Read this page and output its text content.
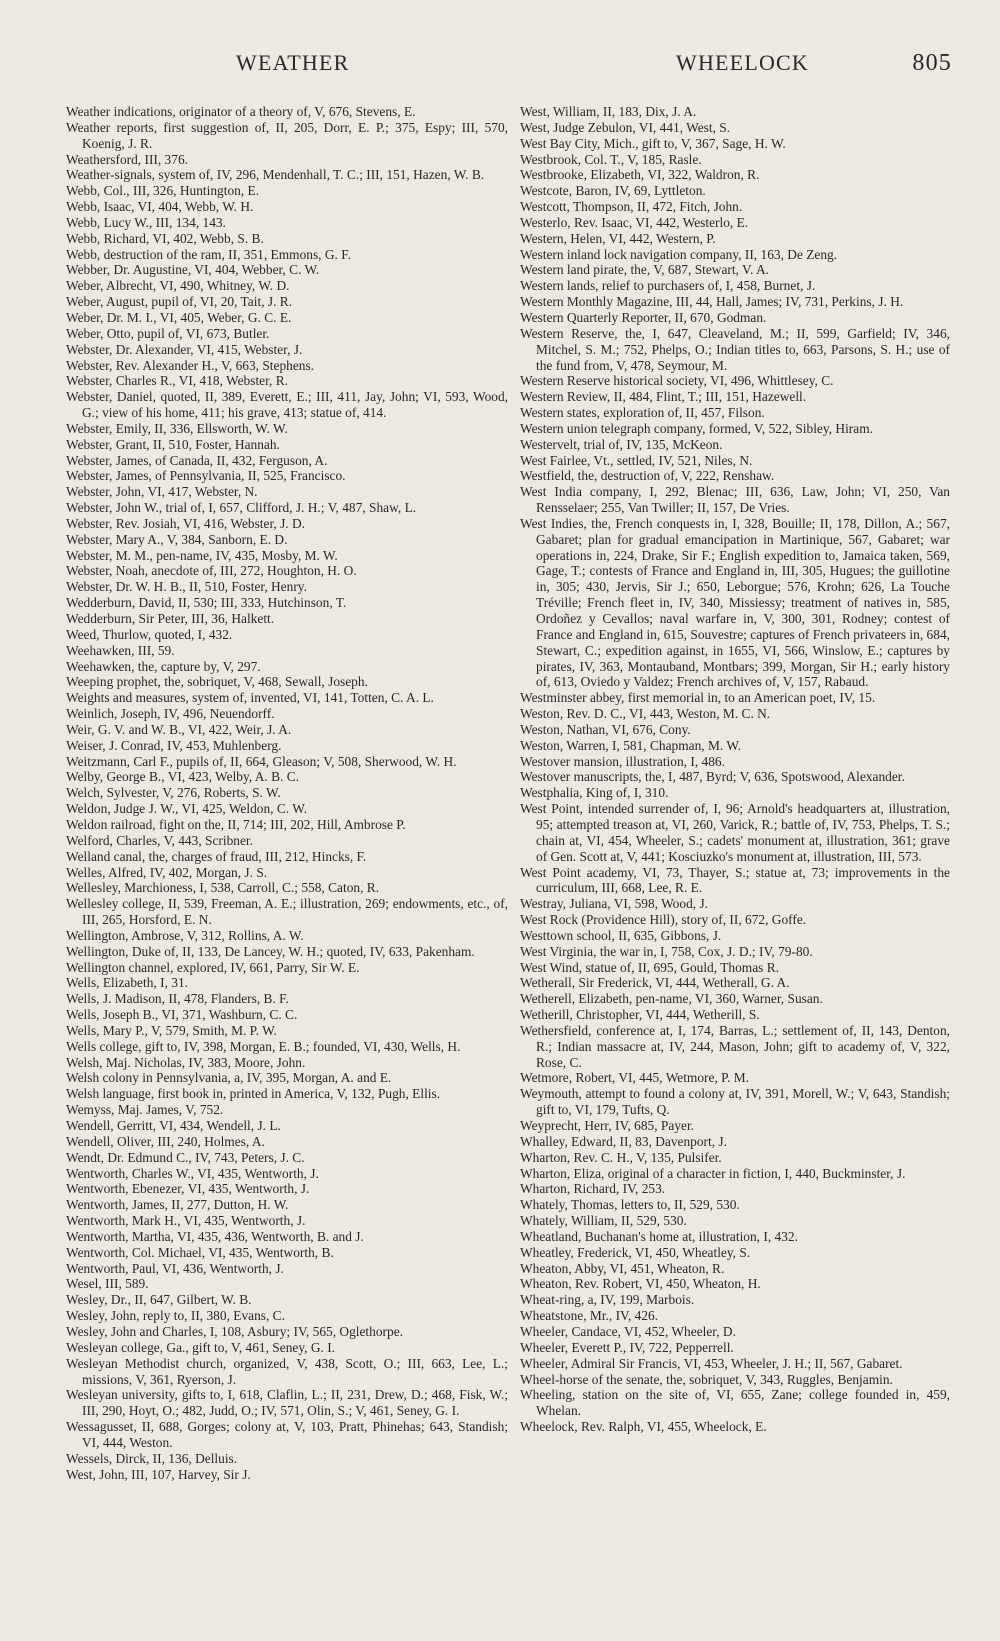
WEATHER	WHEELOCK	805

Weather indications, originator of a theory of, V, 676, Stevens, E.

Weather reports, first suggestion of, II, 205, Dorr, E. P.; 375, Espy; III, 570, Koenig, J. R.

Weathersford, III, 376.

Weather-signals, system of, IV, 296, Mendenhall, T. C.; III, 151, Hazen, W. B.

Webb, Col., III, 326, Huntington, E.

Webb, Isaac, VI, 404, Webb, W. H.

Webb, Lucy W., III, 134, 143.

Webb, Richard, VI, 402, Webb, S. B.

Webb, destruction of the ram, II, 351, Emmons, G. F.

Webber, Dr. Augustine, VI, 404, Webber, C. W.

Weber, Albrecht, VI, 490, Whitney, W. D.

Weber, August, pupil of, VI, 20, Tait, J. R.

Weber, Dr. M. I., VI, 405, Weber, G. C. E.

Weber, Otto, pupil of, VI, 673, Butler.

Webster, Dr. Alexander, VI, 415, Webster, J.

Webster, Rev. Alexander H., V, 663, Stephens.

Webster, Charles R., VI, 418, Webster, R.

Webster, Daniel, quoted, II, 389, Everett, E.; III, 411, Jay, John; VI, 593, Wood, G.; view of his home, 411; his grave, 413; statue of, 414.

Webster, Emily, II, 336, Ellsworth, W. W.

Webster, Grant, II, 510, Foster, Hannah.

Webster, James, of Canada, II, 432, Ferguson, A.

Webster, James, of Pennsylvania, II, 525, Francisco.

Webster, John, VI, 417, Webster, N.

Webster, John W., trial of, I, 657, Clifford, J. H.; V, 487, Shaw, L.

Webster, Rev. Josiah, VI, 416, Webster, J. D.

Webster, Mary A., V, 384, Sanborn, E. D.

Webster, M. M., pen-name, IV, 435, Mosby, M. W.

Webster, Noah, anecdote of, III, 272, Houghton, H. O.

Webster, Dr. W. H. B., II, 510, Foster, Henry.

Wedderburn, David, II, 530; III, 333, Hutchinson, T.

Wedderburn, Sir Peter, III, 36, Halkett.

Weed, Thurlow, quoted, I, 432.

Weehawken, III, 59.

Weehawken, the, capture by, V, 297.

Weeping prophet, the, sobriquet, V, 468, Sewall, Joseph.

Weights and measures, system of, invented, VI, 141, Totten, C. A. L.

Weinlich, Joseph, IV, 496, Neuendorff.

Weir, G. V. and W. B., VI, 422, Weir, J. A.

Weiser, J. Conrad, IV, 453, Muhlenberg.

Weitzmann, Carl F., pupils of, II, 664, Gleason; V, 508, Sherwood, W. H.

Welby, George B., VI, 423, Welby, A. B. C.

Welch, Sylvester, V, 276, Roberts, S. W.

Weldon, Judge J. W., VI, 425, Weldon, C. W.

Weldon railroad, fight on the, II, 714; III, 202, Hill, Ambrose P.

Welford, Charles, V, 443, Scribner.

Welland canal, the, charges of fraud, III, 212, Hincks, F.

Welles, Alfred, IV, 402, Morgan, J. S.

Wellesley, Marchioness, I, 538, Carroll, C.; 558, Caton, R.

Wellesley college, II, 539, Freeman, A. E.; illustration, 269; endowments, etc., of, III, 265, Horsford, E. N.

Wellington, Ambrose, V, 312, Rollins, A. W.

Wellington, Duke of, II, 133, De Lancey, W. H.; quoted, IV, 633, Pakenham.

Wellington channel, explored, IV, 661, Parry, Sir W. E.

Wells, Elizabeth, I, 31.

Wells, J. Madison, II, 478, Flanders, B. F.

Wells, Joseph B., VI, 371, Washburn, C. C.

Wells, Mary P., V, 579, Smith, M. P. W.

Wells college, gift to, IV, 398, Morgan, E. B.; founded, VI, 430, Wells, H.

Welsh, Maj. Nicholas, IV, 383, Moore, John.

Welsh colony in Pennsylvania, a, IV, 395, Morgan, A. and E.

Welsh language, first book in, printed in America, V, 132, Pugh, Ellis.

Wemyss, Maj. James, V, 752.

Wendell, Gerritt, VI, 434, Wendell, J. L.

Wendell, Oliver, III, 240, Holmes, A.

Wendt, Dr. Edmund C., IV, 743, Peters, J. C.

Wentworth, Charles W., VI, 435, Wentworth, J.

Wentworth, Ebenezer, VI, 435, Wentworth, J.

Wentworth, James, II, 277, Dutton, H. W.

Wentworth, Mark H., VI, 435, Wentworth, J.

Wentworth, Martha, VI, 435, 436, Wentworth, B. and J.

Wentworth, Col. Michael, VI, 435, Wentworth, B.

Wentworth, Paul, VI, 436, Wentworth, J.

Wesel, III, 589.

Wesley, Dr., II, 647, Gilbert, W. B.

Wesley, John, reply to, II, 380, Evans, C.

Wesley, John and Charles, I, 108, Asbury; IV, 565, Oglethorpe.

Wesleyan college, Ga., gift to, V, 461, Seney, G. I.

Wesleyan Methodist church, organized, V, 438, Scott, O.; III, 663, Lee, L.; missions, V, 361, Ryerson, J.

Wesleyan university, gifts to, I, 618, Claflin, L.; II, 231, Drew, D.; 468, Fisk, W.; III, 290, Hoyt, O.; 482, Judd, O.; IV, 571, Olin, S.; V, 461, Seney, G. I.

Wessagusset, II, 688, Gorges; colony at, V, 103, Pratt, Phinehas; 643, Standish; VI, 444, Weston.

Wessels, Dirck, II, 136, Delluis.

West, John, III, 107, Harvey, Sir J.

West, William, II, 183, Dix, J. A.

West, Judge Zebulon, VI, 441, West, S.

West Bay City, Mich., gift to, V, 367, Sage, H. W.

Westbrook, Col. T., V, 185, Rasle.

Westbrooke, Elizabeth, VI, 322, Waldron, R.

Westcote, Baron, IV, 69, Lyttleton.

Westcott, Thompson, II, 472, Fitch, John.

Westerlo, Rev. Isaac, VI, 442, Westerlo, E.

Western, Helen, VI, 442, Western, P.

Western inland lock navigation company, II, 163, De Zeng.

Western land pirate, the, V, 687, Stewart, V. A.

Western lands, relief to purchasers of, I, 458, Burnet, J.

Western Monthly Magazine, III, 44, Hall, James; IV, 731, Perkins, J. H.

Western Quarterly Reporter, II, 670, Godman.

Western Reserve, the, I, 647, Cleaveland, M.; II, 599, Garfield; IV, 346, Mitchel, S. M.; 752, Phelps, O.; Indian titles to, 663, Parsons, S. H.; use of the fund from, V, 478, Seymour, M.

Western Reserve historical society, VI, 496, Whittlesey, C.

Western Review, II, 484, Flint, T.; III, 151, Hazewell.

Western states, exploration of, II, 457, Filson.

Western union telegraph company, formed, V, 522, Sibley, Hiram.

Westervelt, trial of, IV, 135, McKeon.

West Fairlee, Vt., settled, IV, 521, Niles, N.

Westfield, the, destruction of, V, 222, Renshaw.

West India company, I, 292, Blenac; III, 636, Law, John; VI, 250, Van Rensselaer; 255, Van Twiller; II, 157, De Vries.

West Indies, the, French conquests in, I, 328, Bouille; II, 178, Dillon, A.; 567, Gabaret; plan for gradual emancipation in Martinique, 567, Gabaret; war operations in, 224, Drake, Sir F.; English expedition to, Jamaica taken, 569, Gage, T.; contests of France and England in, III, 305, Hugues; the guillotine in, 305; 430, Jervis, Sir J.; 650, Leborgue; 576, Krohn; 626, La Touche Tréville; French fleet in, IV, 340, Missiessy; treatment of natives in, 585, Ordoñez y Cevallos; naval warfare in, V, 300, 301, Rodney; contest of France and England in, 615, Souvestre; captures of French privateers in, 684, Stewart, C.; expedition against, in 1655, VI, 566, Winslow, E.; captures by pirates, IV, 363, Montauband, Montbars; 399, Morgan, Sir H.; early history of, 613, Oviedo y Valdez; French archives of, V, 157, Rabaud.

Westminster abbey, first memorial in, to an American poet, IV, 15.

Weston, Rev. D. C., VI, 443, Weston, M. C. N.

Weston, Nathan, VI, 676, Cony.

Weston, Warren, I, 581, Chapman, M. W.

Westover mansion, illustration, I, 486.

Westover manuscripts, the, I, 487, Byrd; V, 636, Spotswood, Alexander.

Westphalia, King of, I, 310.

West Point, intended surrender of, I, 96; Arnold's headquarters at, illustration, 95; attempted treason at, VI, 260, Varick, R.; battle of, IV, 753, Phelps, T. S.; chain at, VI, 454, Wheeler, S.; cadets' monument at, illustration, 361; grave of Gen. Scott at, V, 441; Kosciuzko's monument at, illustration, III, 573.

West Point academy, VI, 73, Thayer, S.; statue at, 73; improvements in the curriculum, III, 668, Lee, R. E.

Westray, Juliana, VI, 598, Wood, J.

West Rock (Providence Hill), story of, II, 672, Goffe.

Westtown school, II, 635, Gibbons, J.

West Virginia, the war in, I, 758, Cox, J. D.; IV, 79-80.

West Wind, statue of, II, 695, Gould, Thomas R.

Wetherall, Sir Frederick, VI, 444, Wetherall, G. A.

Wetherell, Elizabeth, pen-name, VI, 360, Warner, Susan.

Wetherill, Christopher, VI, 444, Wetherill, S.

Wethersfield, conference at, I, 174, Barras, L.; settlement of, II, 143, Denton, R.; Indian massacre at, IV, 244, Mason, John; gift to academy of, V, 322, Rose, C.

Wetmore, Robert, VI, 445, Wetmore, P. M.

Weymouth, attempt to found a colony at, IV, 391, Morell, W.; V, 643, Standish; gift to, VI, 179, Tufts, Q.

Weyprecht, Herr, IV, 685, Payer.

Whalley, Edward, II, 83, Davenport, J.

Wharton, Rev. C. H., V, 135, Pulsifer.

Wharton, Eliza, original of a character in fiction, I, 440, Buckminster, J.

Wharton, Richard, IV, 253.

Whately, Thomas, letters to, II, 529, 530.

Whately, William, II, 529, 530.

Wheatland, Buchanan's home at, illustration, I, 432.

Wheatley, Frederick, VI, 450, Wheatley, S.

Wheaton, Abby, VI, 451, Wheaton, R.

Wheaton, Rev. Robert, VI, 450, Wheaton, H.

Wheat-ring, a, IV, 199, Marbois.

Wheatstone, Mr., IV, 426.

Wheeler, Candace, VI, 452, Wheeler, D.

Wheeler, Everett P., IV, 722, Pepperrell.

Wheeler, Admiral Sir Francis, VI, 453, Wheeler, J. H.; II, 567, Gabaret.

Wheel-horse of the senate, the, sobriquet, V, 343, Ruggles, Benjamin.

Wheeling, station on the site of, VI, 655, Zane; college founded in, 459, Whelan.

Wheelock, Rev. Ralph, VI, 455, Wheelock, E.
